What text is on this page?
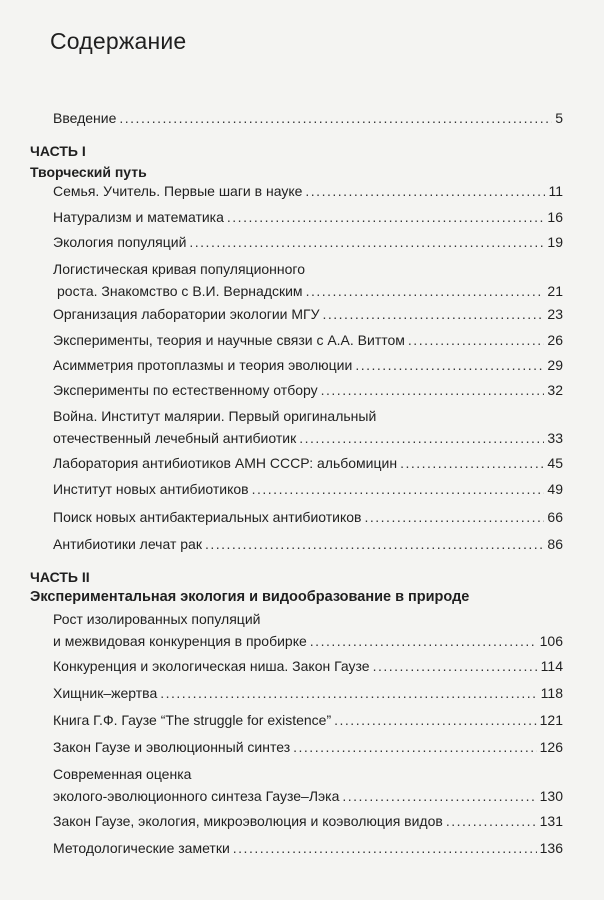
Содержание
Введение .....	5
ЧАСТЬ I
Творческий путь
Семья. Учитель. Первые шаги в науке .....	11
Натурализм и математика .....	16
Экология популяций .....	19
Логистическая кривая популяционного
роста. Знакомство с В.И. Вернадским .....	21
Организация лаборатории экологии МГУ .....	23
Эксперименты, теория и научные связи с А.А. Виттом .....	26
Асимметрия протоплазмы и теория эволюции .....	29
Эксперименты по естественному отбору .....	32
Война. Институт малярии. Первый оригинальный
отечественный лечебный антибиотик .....	33
Лаборатория антибиотиков АМН СССР: альбомицин .....	45
Институт новых антибиотиков .....	49
Поиск новых антибактериальных антибиотиков .....	66
Антибиотики лечат рак .....	86
ЧАСТЬ II
Экспериментальная экология и видообразование в природе
Рост изолированных популяций
и межвидовая конкуренция в пробирке .....	106
Конкуренция и экологическая ниша. Закон Гаузе .....	114
Хищник–жертва .....	118
Книга Г.Ф. Гаузе “The struggle for existence” .....	121
Закон Гаузе и эволюционный синтез .....	126
Современная оценка
эколого-эволюционного синтеза Гаузе–Лэка .....	130
Закон Гаузе, экология, микроэволюция и коэволюция видов .....	131
Методологические заметки .....	136
